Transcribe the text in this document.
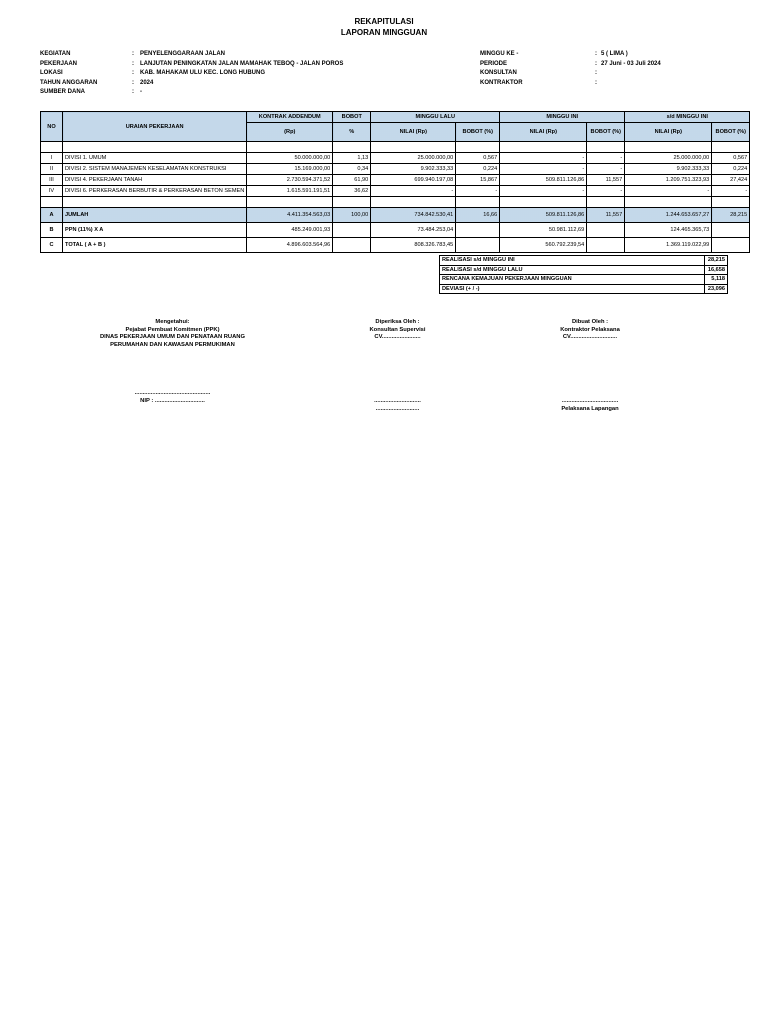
REKAPITULASI
LAPORAN MINGGUAN
KEGIATAN	:	PENYELENGGARAAN JALAN
PEKERJAAN	:	LANJUTAN PENINGKATAN JALAN MAMAHAK TEBOQ - JALAN POROS
LOKASI	:	KAB. MAHAKAM ULU KEC. LONG HUBUNG
TAHUN ANGGARAN	:	2024
SUMBER DANA	:	-
MINGGU KE -	: 5 ( LIMA )
PERIODE	: 27 Juni - 03 Juli 2024
KONSULTAN	:
KONTRAKTOR	:
NO	URAIAN PEKERJAAN	KONTRAK ADDENDUM	BOBOT	MINGGU LALU		MINGGU INI		s/d MINGGU INI	
		(Rp)	%	NILAI (Rp)	BOBOT (%)	NILAI (Rp)	BOBOT (%)	NILAI (Rp)	BOBOT (%)

I	DIVISI 1. UMUM	50.000.000,00	1,13	25.000.000,00	0,567	-	-	25.000.000,00	0,567
II	DIVISI 2. SISTEM MANAJEMEN KESELAMATAN KONSTRUKSI	15.169.000,00	0,34	9.902.333,33	0,224	-	-	9.902.333,33	0,224
III	DIVISI 4. PEKERJAAN TANAH	2.730.594.371,52	61,90	699.940.197,08	15,867	509.811.126,86	11,557	1.209.751.323,93	27,424
IV	DIVISI 6. PERKERASAN BERBUTIR & PERKERASAN BETON SEMEN	1.615.591.191,51	36,62	-	-	-	-	-	-

A	JUMLAH	4.411.354.563,03	100,00	734.842.530,41	16,66	509.811.126,86	11,557	1.244.653.657,27	28,215
B	PPN (11%) X A	485.249.001,93		73.484.253,04		50.981.112,69		124.465.365,73	
C	TOTAL ( A + B )	4.896.603.564,96		808.326.783,45		560.792.239,54		1.369.119.022,99	
REALISASI s/d MINGGU INI	28,215
REALISASI s/d MINGGU LALU	16,658
RENCANA KEMAJUAN PEKERJAAN MINGGUAN	5,118
DEVIASI (+ / -)	23,096
Mengetahui:
Pejabat Pembuat Komitmen (PPK)
DINAS PEKERJAAN UMUM DAN PENATAAN RUANG
PERUMAHAN DAN KAWASAN PERMUKIMAN
...............................................
NIP : ...............................
Diperiksa Oleh :
Konsultan Supervisi
CV........................
.............................
...........................
Dibuat Oleh :
Kontraktor Pelaksana
CV.............................
...................................
Pelaksana Lapangan
